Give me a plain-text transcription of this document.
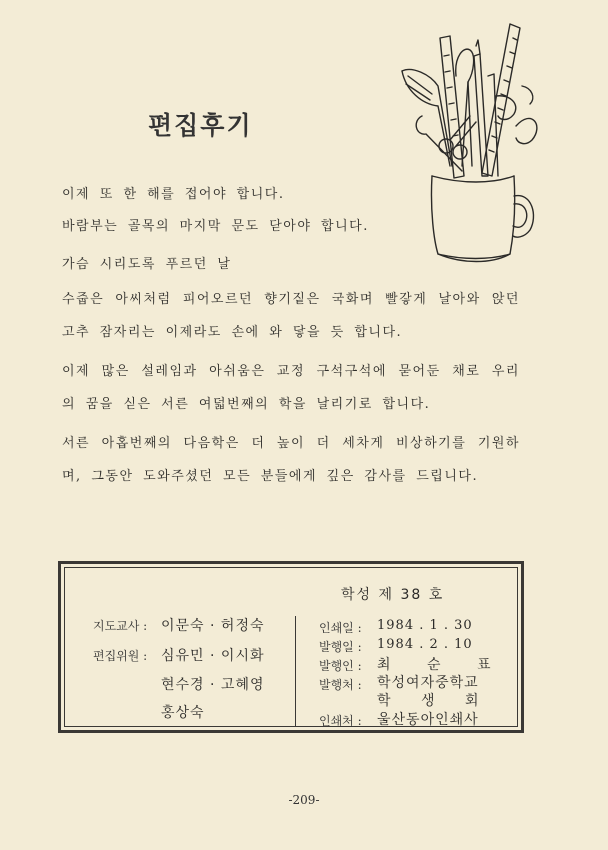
편집후기
이제 또 한 해를 접어야 합니다.
바람부는 골목의 마지막 문도 닫아야 합니다.
가슴 시리도록 푸르던 날
수줍은 아씨처럼 피어오르던 향기짙은 국화며 빨갛게 날아와 앉던
고추 잠자리는 이제라도 손에 와 닿을 듯 합니다.
이제 많은 설레임과 아쉬움은 교정 구석구석에 묻어둔 채로 우리
의 꿈을 싣은 서른 여덟번째의 학을 날리기로 합니다.
서른 아홉번째의 다음학은 더 높이 더 세차게 비상하기를 기원하
며, 그동안 도와주셨던 모든 분들에게 깊은 감사를 드립니다.
학성 제 38 호
지도교사 : 이문숙 · 허정숙
편집위원 : 심유민 · 이시화
현수경 · 고혜영
홍상숙
인쇄일 : 1984 . 1 . 30
발행일 : 1984 . 2 . 10
발행인 : 최 순 표
발행처 : 학성여자중학교
학 생 회
인쇄처 : 울산동아인쇄사
-209-
